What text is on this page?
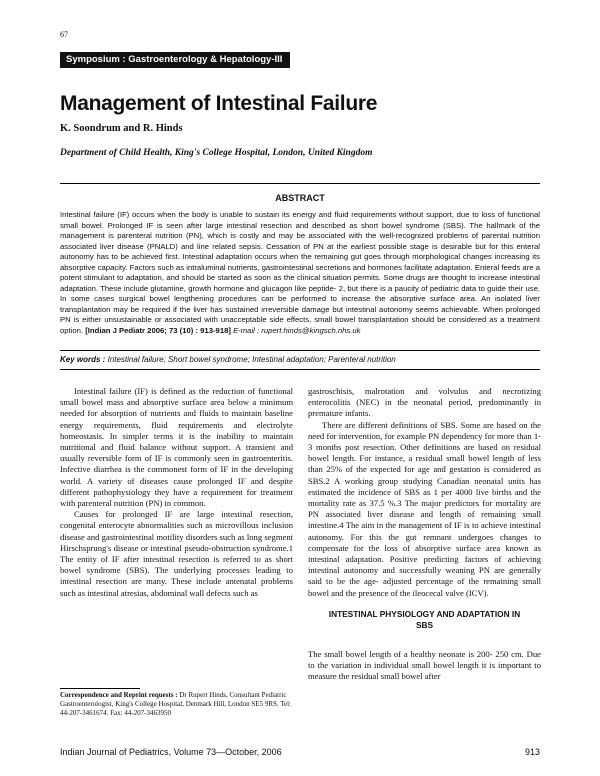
67
Symposium : Gastroenterology & Hepatology-III
Management of Intestinal Failure
K. Soondrum and R. Hinds
Department of Child Health, King's College Hospital, London, United Kingdom
ABSTRACT
Intestinal failure (IF) occurs when the body is unable to sustain its energy and fluid requirements without support, due to loss of functional small bowel. Prolonged IF is seen after large intestinal resection and described as short bowel syndrome (SBS). The hallmark of the management is parenteral nutrition (PN), which is costly and may be associated with the well-recognized problems of parental nutrition associated liver disease (PNALD) and line related sepsis. Cessation of PN at the earliest possible stage is desirable but for this enteral autonomy has to be achieved first. Intestinal adaptation occurs when the remaining gut goes through morphological changes increasing its absorptive capacity. Factors such as intraluminal nutrients, gastrointestinal secretions and hormones facilitate adaptation. Enteral feeds are a potent stimulant to adaptation, and should be started as soon as the clinical situation permits. Some drugs are thought to increase intestinal adaptation. These include glutamine, growth hormone and glucagon like peptide- 2, but there is a paucity of pediatric data to guide their use. In some cases surgical bowel lengthening procedures can be performed to increase the absorptive surface area. An isolated liver transplantation may be required if the liver has sustained irreversible damage but intestinal autonomy seems achievable. When prolonged PN is either unsustainable or associated with unacceptable side effects, small bowel transplantation should be considered as a treatment option. [Indian J Pediatr 2006; 73 (10) : 913-918] E-mail : rupert.hinds@kingsch.nhs.uk
Key words : Intestinal failure; Short bowel syndrome; Intestinal adaptation; Parenteral nutrition

Intestinal failure (IF) is defined as the reduction of functional small bowel mass and absorptive surface area below a minimum needed for absorption of nutrients and fluids to maintain baseline energy requirements, fluid requirements and electrolyte homeostasis. In simpler terms it is the inability to maintain nutritional and fluid balance without support. A transient and usually reversible form of IF is commonly seen in gastroenteritis. Infective diarrhea is the commonest form of IF in the developing world. A variety of diseases cause prolonged IF and despite different pathophysiology they have a requirement for treatment with parenteral nutrition (PN) in common.

Causes for prolonged IF are large intestinal resection, congenital enterocyte abnormalities such as microvillous inclusion disease and gastrointestinal motility disorders such as long segment Hirschsprung's disease or intestinal pseudo-obstruction syndrome.1 The entity of IF after intestinal resection is referred to as short bowel syndrome (SBS). The underlying processes leading to intestinal resection are many. These include antenatal problems such as intestinal atresias, abdominal wall defects such as

gastroschisis, malrotation and volvulus and necrotizing enterocolitis (NEC) in the neonatal period, predominantly in premature infants.

There are different definitions of SBS. Some are based on the need for intervention, for example PN dependency for more than 1- 3 months post resection. Other definitions are based on residual bowel length. For instance, a residual small bowel length of less than 25% of the expected for age and gestation is considered as SBS.2 A working group studying Canadian neonatal units has estimated the incidence of SBS as 1 per 4000 live births and the mortality rate as 37.5 %.3 The major predictors for mortality are PN associated liver disease and length of remaining small intestine.4 The aim in the management of IF is to achieve intestinal autonomy. For this the gut remnant undergoes changes to compensate for the loss of absorptive surface area known as intestinal adaptation. Positive predicting factors of achieving intestinal autonomy and successfully weaning PN are generally said to be the age- adjusted percentage of the remaining small bowel and the presence of the ileocecal valve (ICV).

INTESTINAL PHYSIOLOGY AND ADAPTATION IN SBS

The small bowel length of a healthy neonate is 200- 250 cm. Due to the variation in individual small bowel length it is important to measure the residual small bowel after

Correspondence and Reprint requests : Dr Rupert Hinds, Consultant Pediatric Gastroenterologist, King's College Hospital, Denmark Hill, London SE5 9RS. Tel: 44-207-3461674. Fax: 44-207-3463950
Indian Journal of Pediatrics, Volume 73—October, 2006	913
